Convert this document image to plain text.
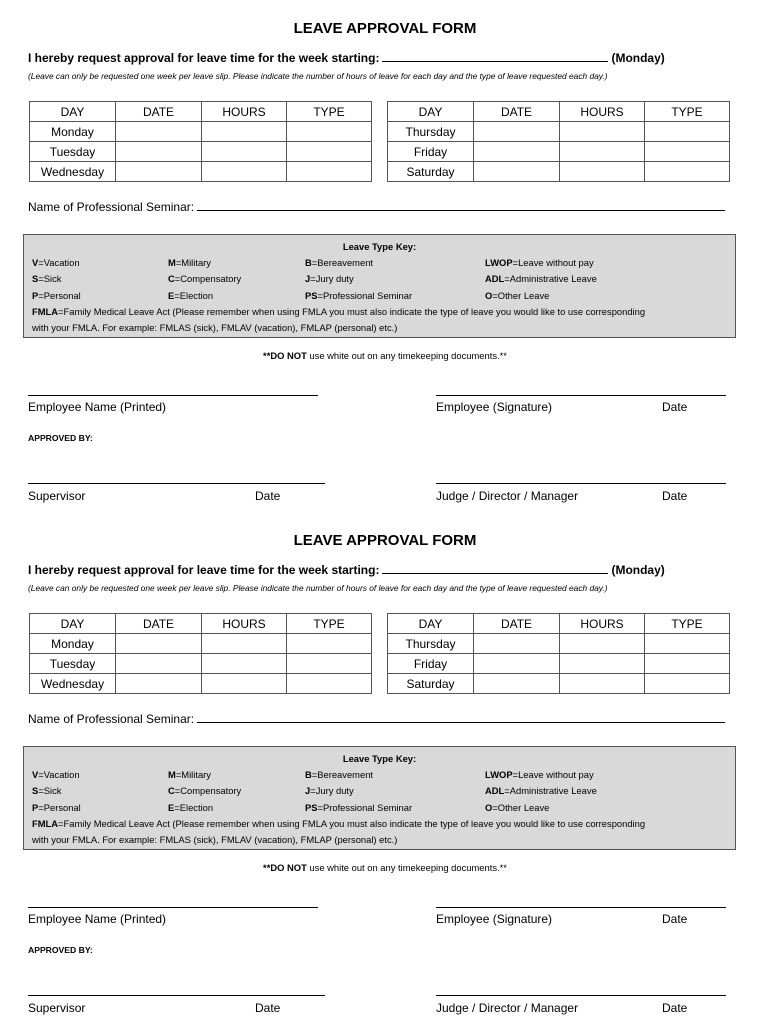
LEAVE APPROVAL FORM
I hereby request approval for leave time for the week starting:	(Monday)
(Leave can only be requested one week per leave slip. Please indicate the number of hours of leave for each day and the type of leave requested each day.)
DAY	DATE	HOURS	TYPE
Monday			
Tuesday			
Wednesday			
DAY	DATE	HOURS	TYPE
Thursday			
Friday			
Saturday			
Name of Professional Seminar:
Leave Type Key:
V=Vacation	M=Military	B=Bereavement	LWOP=Leave without pay
S=Sick	C=Compensatory	J=Jury duty	ADL=Administrative Leave
P=Personal	E=Election	PS=Professional Seminar	O=Other Leave
FMLA=Family Medical Leave Act (Please remember when using FMLA you must also indicate the type of leave you would like to use corresponding
with your FMLA. For example: FMLAS (sick), FMLAV (vacation), FMLAP (personal) etc.)
**DO NOT use white out on any timekeeping documents.**
Employee Name (Printed)	Employee (Signature)	Date
APPROVED BY:
Supervisor	Date	Judge / Director / Manager	Date
LEAVE APPROVAL FORM
I hereby request approval for leave time for the week starting:	(Monday)
(Leave can only be requested one week per leave slip. Please indicate the number of hours of leave for each day and the type of leave requested each day.)
DAY	DATE	HOURS	TYPE
Monday			
Tuesday			
Wednesday			
DAY	DATE	HOURS	TYPE
Thursday			
Friday			
Saturday			
Name of Professional Seminar:
Leave Type Key:
V=Vacation	M=Military	B=Bereavement	LWOP=Leave without pay
S=Sick	C=Compensatory	J=Jury duty	ADL=Administrative Leave
P=Personal	E=Election	PS=Professional Seminar	O=Other Leave
FMLA=Family Medical Leave Act (Please remember when using FMLA you must also indicate the type of leave you would like to use corresponding
with your FMLA. For example: FMLAS (sick), FMLAV (vacation), FMLAP (personal) etc.)
**DO NOT use white out on any timekeeping documents.**
Employee Name (Printed)	Employee (Signature)	Date
APPROVED BY:
Supervisor	Date	Judge / Director / Manager	Date
